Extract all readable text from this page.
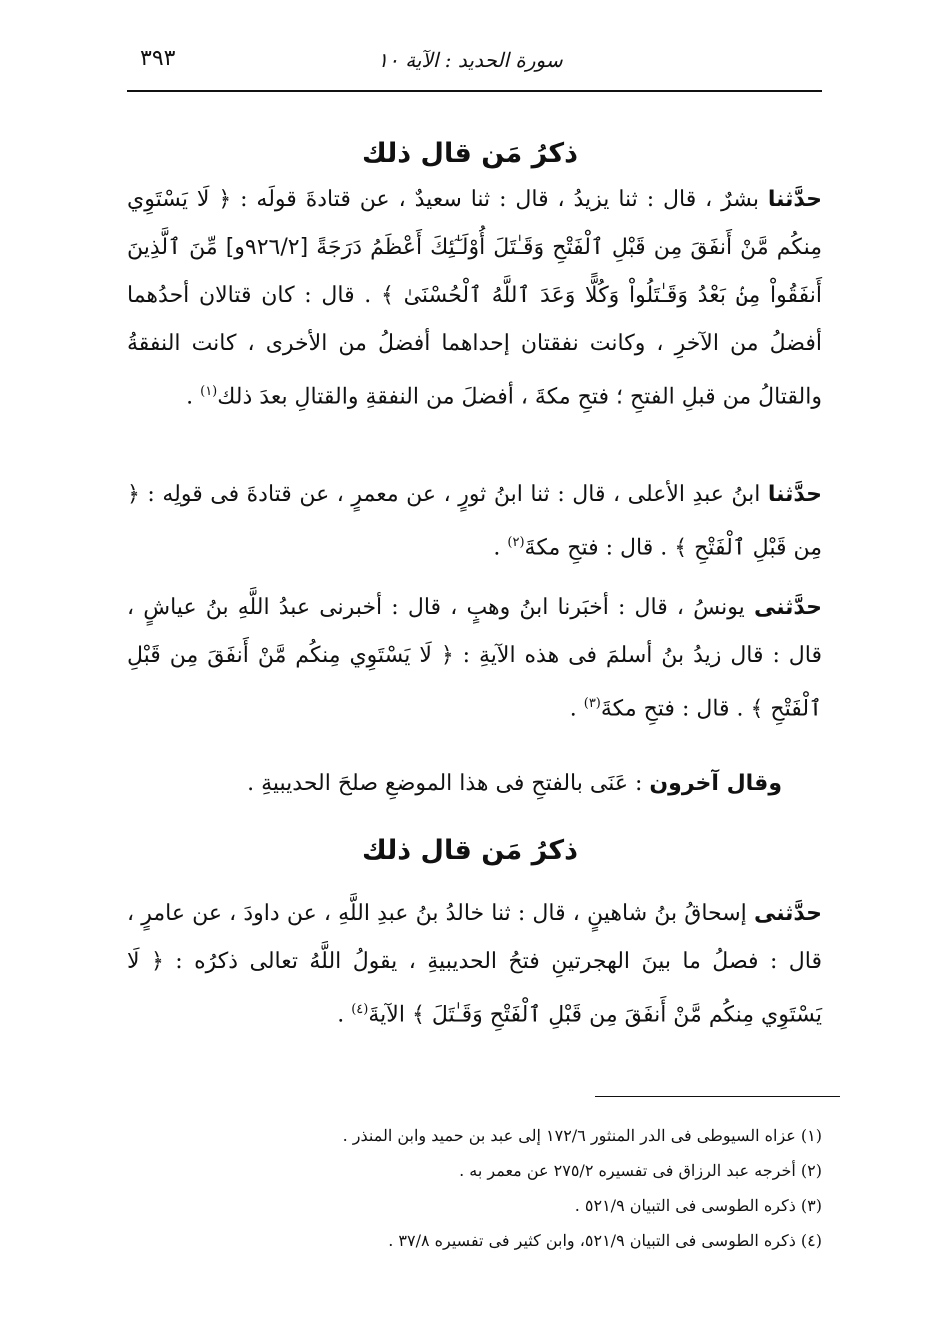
سورة الحديد : الآية ١٠
٣٩٣
ذكرُ مَن قال ذلك

حدَّثنا بشرٌ ، قال : ثنا يزيدُ ، قال : ثنا سعيدٌ ، عن قتادةَ قولَه : ﴿ لَا يَسْتَوِي مِنكُم مَّنْ أَنفَقَ مِن قَبْلِ ٱلْفَتْحِ وَقَـٰتَلَ أُوْلَـٰٓئِكَ أَعْظَمُ دَرَجَةً [٩٢٦/٢و] مِّنَ ٱلَّذِينَ أَنفَقُواْ مِنۢ بَعْدُ وَقَـٰتَلُواْ وَكُلًّا وَعَدَ ٱللَّهُ ٱلْحُسْنَىٰ ﴾ . قال : كان قتالان أحدُهما أفضلُ من الآخرِ ، وكانت نفقتان إحداهما أفضلُ من الأخرى ، كانت النفقةُ والقتالُ من قبلِ الفتحِ ؛ فتحِ مكةَ ، أفضلَ من النفقةِ والقتالِ بعدَ ذلك$^{(١)}$ .

حدَّثنا ابنُ عبدِ الأعلى ، قال : ثنا ابنُ ثورٍ ، عن معمرٍ ، عن قتادةَ فى قولِه : ﴿ مِن قَبْلِ ٱلْفَتْحِ ﴾ . قال : فتحِ مكةَ$^{(٢)}$ .

حدَّثنى يونسُ ، قال : أخبَرنا ابنُ وهبٍ ، قال : أخبرنى عبدُ اللَّهِ بنُ عياشٍ ، قال : قال زيدُ بنُ أسلمَ فى هذه الآيةِ : ﴿ لَا يَسْتَوِي مِنكُم مَّنْ أَنفَقَ مِن قَبْلِ ٱلْفَتْحِ ﴾ . قال : فتحِ مكةَ$^{(٣)}$ .

وقال آخرون : عَنَى بالفتحِ فى هذا الموضعِ صلحَ الحديبيةِ .

ذكرُ مَن قال ذلك

حدَّثنى إسحاقُ بنُ شاهينٍ ، قال : ثنا خالدُ بنُ عبدِ اللَّهِ ، عن داودَ ، عن عامرٍ ، قال : فصلُ ما بينَ الهجرتينِ فتحُ الحديبيةِ ، يقولُ اللَّهُ تعالى ذكرُه : ﴿ لَا يَسْتَوِي مِنكُم مَّنْ أَنفَقَ مِن قَبْلِ ٱلْفَتْحِ وَقَـٰتَلَ ﴾ الآيةَ$^{(٤)}$ .

(١) عزاه السيوطى فى الدر المنثور ١٧٢/٦ إلى عبد بن حميد وابن المنذر .
(٢) أخرجه عبد الرزاق فى تفسيره ٢٧٥/٢ عن معمر به .
(٣) ذكره الطوسى فى التبيان ٥٢١/٩ .
(٤) ذكره الطوسى فى التبيان ٥٢١/٩، وابن كثير فى تفسيره ٣٧/٨ .
